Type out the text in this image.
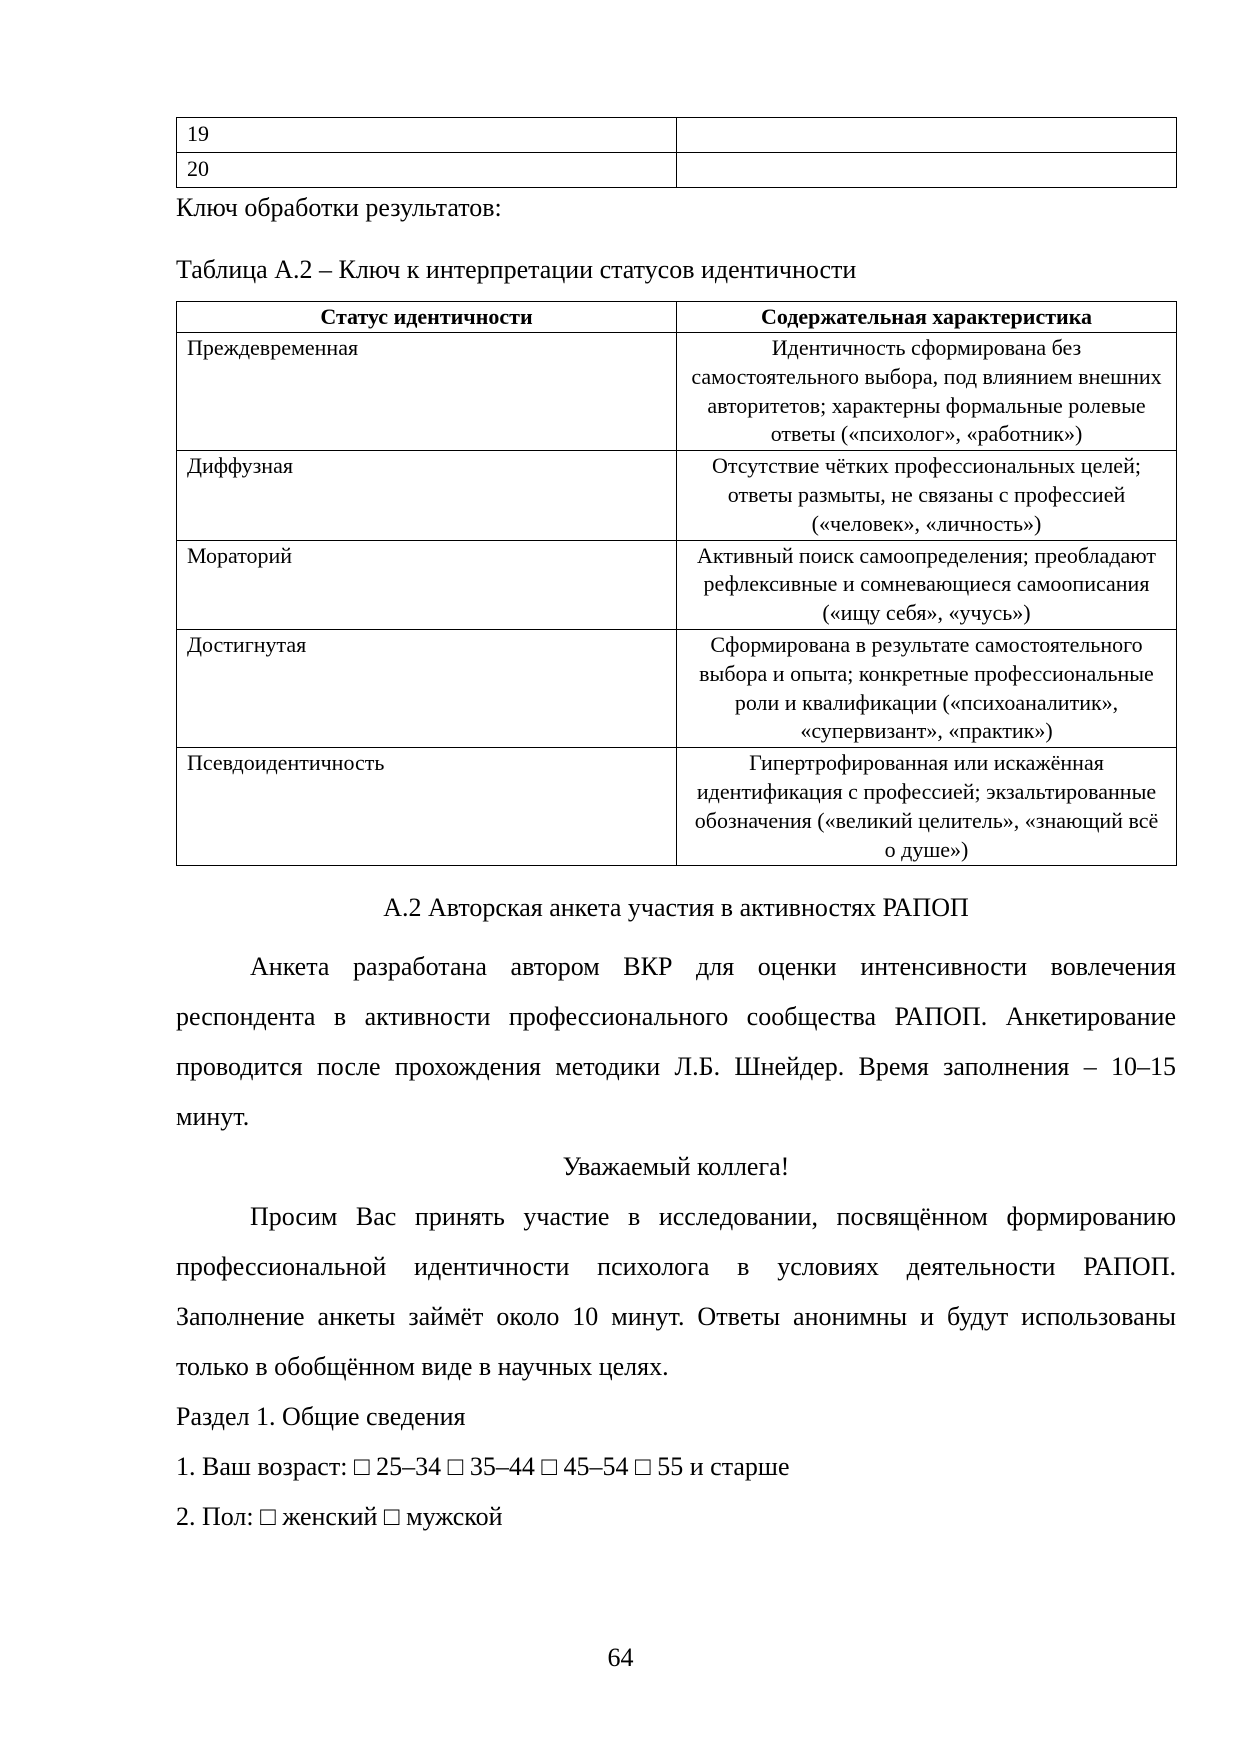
19	
20	

Ключ обработки результатов:

Таблица А.2 – Ключ к интерпретации статусов идентичности

Статус идентичности	Содержательная характеристика
Преждевременная	Идентичность сформирована без самостоятельного выбора, под влиянием внешних авторитетов; характерны формальные ролевые ответы («психолог», «работник»)
Диффузная	Отсутствие чётких профессиональных целей; ответы размыты, не связаны с профессией («человек», «личность»)
Мораторий	Активный поиск самоопределения; преобладают рефлексивные и сомневающиеся самоописания («ищу себя», «учусь»)
Достигнутая	Сформирована в результате самостоятельного выбора и опыта; конкретные профессиональные роли и квалификации («психоаналитик», «супервизант», «практик»)
Псевдоидентичность	Гипертрофированная или искажённая идентификация с профессией; экзальтированные обозначения («великий целитель», «знающий всё о душе»)

А.2 Авторская анкета участия в активностях РАПОП

Анкета разработана автором ВКР для оценки интенсивности вовлечения респондента в активности профессионального сообщества РАПОП. Анкетирование проводится после прохождения методики Л.Б. Шнейдер. Время заполнения – 10–15 минут.

Уважаемый коллега!

Просим Вас принять участие в исследовании, посвящённом формированию профессиональной идентичности психолога в условиях деятельности РАПОП. Заполнение анкеты займёт около 10 минут. Ответы анонимны и будут использованы только в обобщённом виде в научных целях.

Раздел 1. Общие сведения

1. Ваш возраст: □ 25–34 □ 35–44 □ 45–54 □ 55 и старше

2. Пол: □ женский □ мужской

64
